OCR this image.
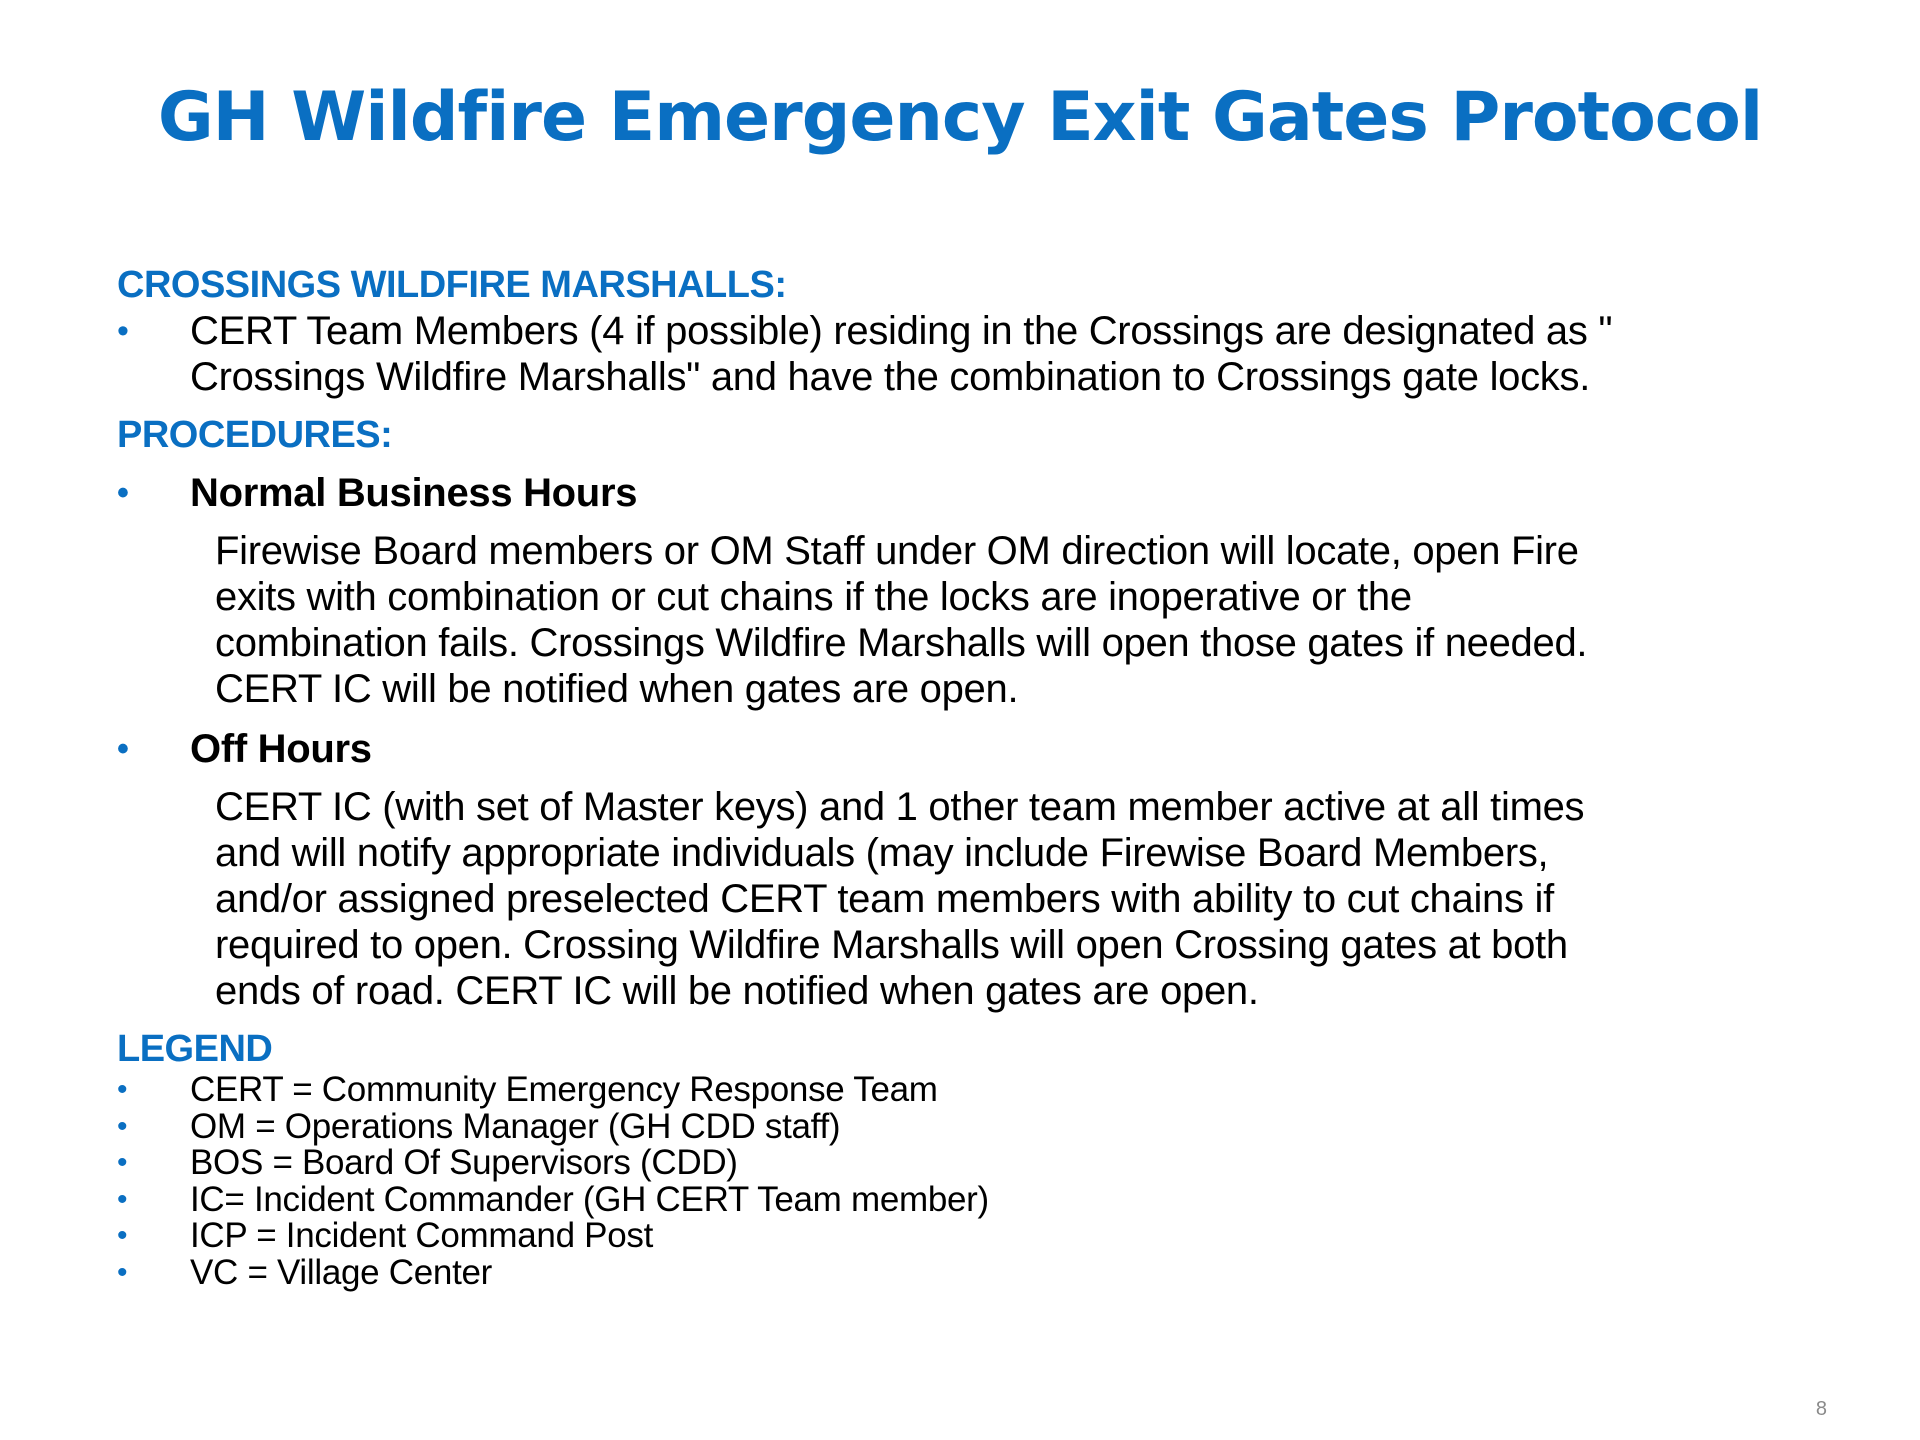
GH Wildfire Emergency Exit Gates Protocol
CROSSINGS WILDFIRE MARSHALLS:
• CERT Team Members (4 if possible) residing in the Crossings are designated as "
Crossings Wildfire Marshalls" and have the combination to Crossings gate locks.
PROCEDURES:
• Normal Business Hours
Firewise Board members or OM Staff under OM direction will locate, open Fire
exits with combination or cut chains if the locks are inoperative or the
combination fails. Crossings Wildfire Marshalls will open those gates if needed.
CERT IC will be notified when gates are open.
• Off Hours
CERT IC (with set of Master keys) and 1 other team member active at all times
and will notify appropriate individuals (may include Firewise Board Members,
and/or assigned preselected CERT team members with ability to cut chains if
required to open. Crossing Wildfire Marshalls will open Crossing gates at both
ends of road. CERT IC will be notified when gates are open.
LEGEND
• CERT = Community Emergency Response Team
• OM = Operations Manager (GH CDD staff)
• BOS = Board Of Supervisors (CDD)
• IC= Incident Commander (GH CERT Team member)
• ICP = Incident Command Post
• VC = Village Center
8
